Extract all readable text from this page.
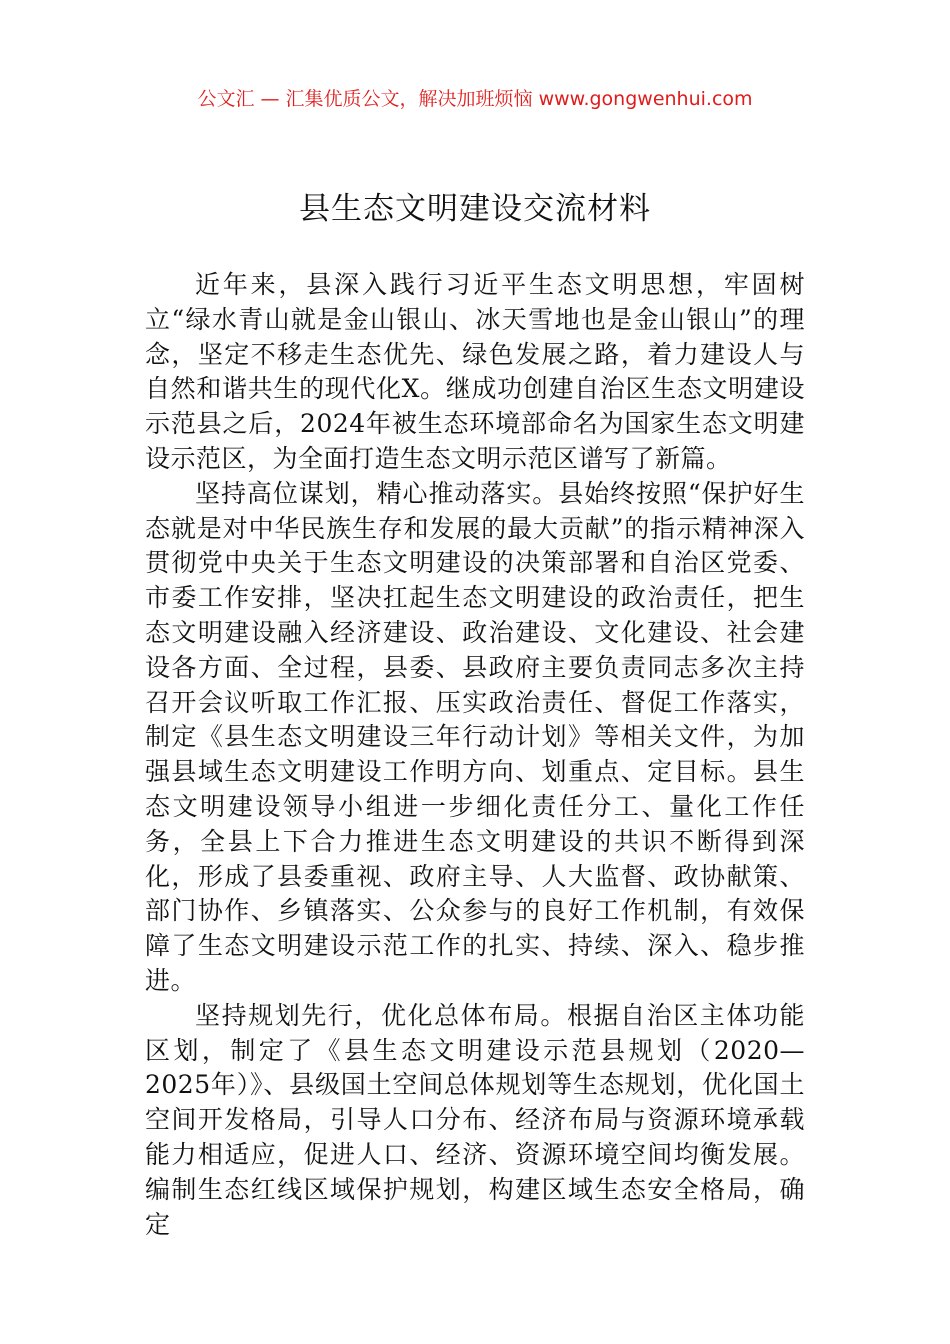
公文汇 — 汇集优质公文，解决加班烦恼 www.gongwenhui.com
县生态文明建设交流材料

近年来，县深入践行习近平生态文明思想，牢固树立“绿水青山就是金山银山、冰天雪地也是金山银山”的理念，坚定不移走生态优先、绿色发展之路，着力建设人与自然和谐共生的现代化X。继成功创建自治区生态文明建设示范县之后，2024年被生态环境部命名为国家生态文明建设示范区，为全面打造生态文明示范区谱写了新篇。

坚持高位谋划，精心推动落实。县始终按照“保护好生态就是对中华民族生存和发展的最大贡献”的指示精神深入贯彻党中央关于生态文明建设的决策部署和自治区党委、市委工作安排，坚决扛起生态文明建设的政治责任，把生态文明建设融入经济建设、政治建设、文化建设、社会建设各方面、全过程，县委、县政府主要负责同志多次主持召开会议听取工作汇报、压实政治责任、督促工作落实，制定《县生态文明建设三年行动计划》等相关文件，为加强县域生态文明建设工作明方向、划重点、定目标。县生态文明建设领导小组进一步细化责任分工、量化工作任务，全县上下合力推进生态文明建设的共识不断得到深化，形成了县委重视、政府主导、人大监督、政协献策、部门协作、乡镇落实、公众参与的良好工作机制，有效保障了生态文明建设示范工作的扎实、持续、深入、稳步推进。

坚持规划先行，优化总体布局。根据自治区主体功能区划，制定了《县生态文明建设示范县规划（2020—2025年）》、县级国土空间总体规划等生态规划，优化国土空间开发格局，引导人口分布、经济布局与资源环境承载能力相适应，促进人口、经济、资源环境空间均衡发展。编制生态红线区域保护规划，构建区域生态安全格局，确定
